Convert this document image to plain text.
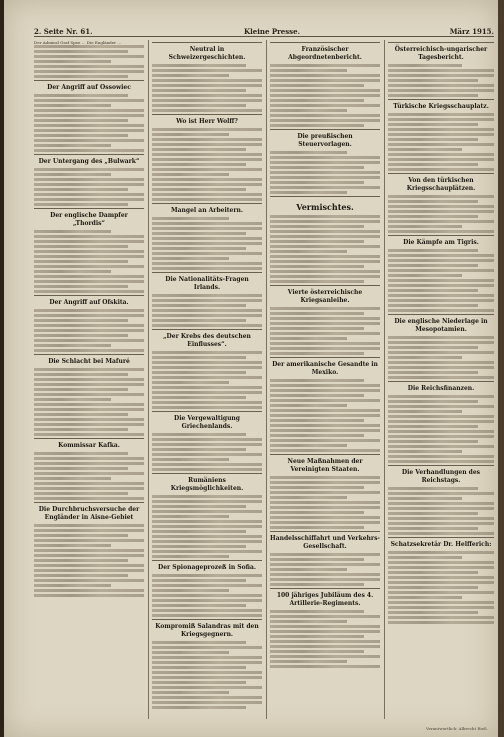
2. Seite Nr. 61.	Kleine Presse.	März 1915.
Der Admiral Graf Spee ... Die Engländer ...
Der Angriff auf Ossowiec
Der Untergang des „Bulwark“
Der englische Dampfer „Thordis“
Der Angriff auf Ofskita.
Die Schlacht bei Mafuré
Kommissar Kafka.
Die Durchbruchsversuche der Engländer in Aisne-Gebiet
Neutral in Schweizergeschichten.
Wo ist Herr Wolff?
Mangel an Arbeitern.
Die Nationalitäts-Fragen Irlands.
„Der Krebs des deutschen Einflusses“.
Die Vergewaltigung Griechenlands.
Rumäniens Kriegsmöglichkeiten.
Der Spionageprozeß in Sofia.
Kompromiß Salandras mit den Kriegsgegnern.
Französischer Abgeordnetenbericht.
Die preußischen Steuervorlagen.
Vermischtes.
Vierte österreichische Kriegsanleihe.
Der amerikanische Gesandte in Mexiko.
Neue Maßnahmen der Vereinigten Staaten.
Handelsschiffahrt und Verkehrs-Gesellschaft.
100 jähriges Jubiläum des 4. Artillerie-Regiments.
Österreichisch-ungarischer Tagesbericht.
Türkische Kriegsschauplatz.
Von den türkischen Kriegsschauplätzen.
Die Kämpfe am Tigris.
Die englische Niederlage in Mesopotamien.
Die Reichsfinanzen.
Die Verhandlungen des Reichstags.
Schatzsekretär Dr. Helfferich:
Verantwortlich: Albrecht Rieß.
